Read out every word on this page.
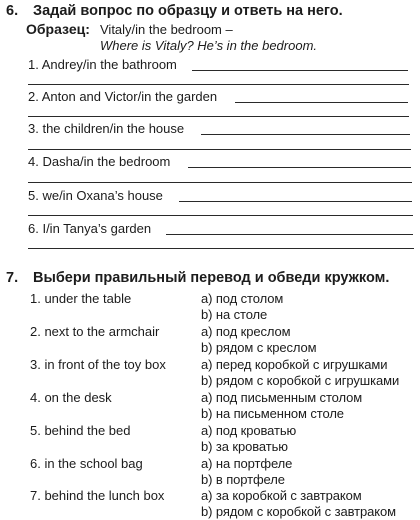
6. Задай вопрос по образцу и ответь на него.
Образец: Vitaly/in the bedroom –
Where is Vitaly? He’s in the bedroom.
1. Andrey/in the bathroom
2. Anton and Victor/in the garden
3. the children/in the house
4. Dasha/in the bedroom
5. we/in Oxana’s house
6. I/in Tanya’s garden
7. Выбери правильный перевод и обведи кружком.
1. under the table	a) под столом
b) на столе
2. next to the armchair	a) под креслом
b) рядом с креслом
3. in front of the toy box	a) перед коробкой с игрушками
b) рядом с коробкой с игрушками
4. on the desk	a) под письменным столом
b) на письменном столе
5. behind the bed	a) под кроватью
b) за кроватью
6. in the school bag	a) на портфеле
b) в портфеле
7. behind the lunch box	a) за коробкой с завтраком
b) рядом с коробкой с завтраком
